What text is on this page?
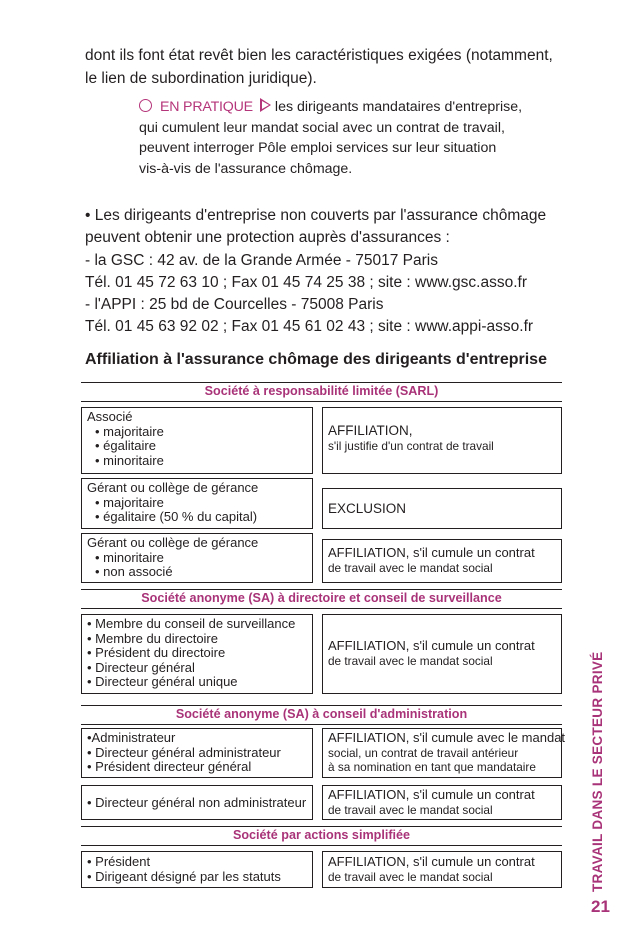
dont ils font état revêt bien les caractéristiques exigées (notamment,
le lien de subordination juridique).
EN PRATIQUE les dirigeants mandataires d'entreprise,
qui cumulent leur mandat social avec un contrat de travail,
peuvent interroger Pôle emploi services sur leur situation
vis-à-vis de l'assurance chômage.
• Les dirigeants d'entreprise non couverts par l'assurance chômage
peuvent obtenir une protection auprès d'assurances :
- la GSC : 42 av. de la Grande Armée - 75017 Paris
Tél. 01 45 72 63 10 ; Fax 01 45 74 25 38 ; site : www.gsc.asso.fr
- l'APPI : 25 bd de Courcelles - 75008 Paris
Tél. 01 45 63 92 02 ; Fax 01 45 61 02 43 ; site : www.appi-asso.fr
Affiliation à l'assurance chômage des dirigeants d'entreprise
Société à responsabilité limitée (SARL)
Associé
• majoritaire
• égalitaire
• minoritaire
AFFILIATION,
s'il justifie d'un contrat de travail
Gérant ou collège de gérance
• majoritaire
• égalitaire (50 % du capital)
EXCLUSION
Gérant ou collège de gérance
• minoritaire
• non associé
AFFILIATION, s'il cumule un contrat
de travail avec le mandat social
Société anonyme (SA) à directoire et conseil de surveillance
• Membre du conseil de surveillance
• Membre du directoire
• Président du directoire
• Directeur général
• Directeur général unique
AFFILIATION, s'il cumule un contrat
de travail avec le mandat social
Société anonyme (SA) à conseil d'administration
•Administrateur
• Directeur général administrateur
• Président directeur général
AFFILIATION, s'il cumule avec le mandat
social, un contrat de travail antérieur
à sa nomination en tant que mandataire
• Directeur général non administrateur
AFFILIATION, s'il cumule un contrat
de travail avec le mandat social
Société par actions simplifiée
• Président
• Dirigeant désigné par les statuts
AFFILIATION, s'il cumule un contrat
de travail avec le mandat social	TRAVAIL DANS LE SECTEUR PRIVÉ
21
